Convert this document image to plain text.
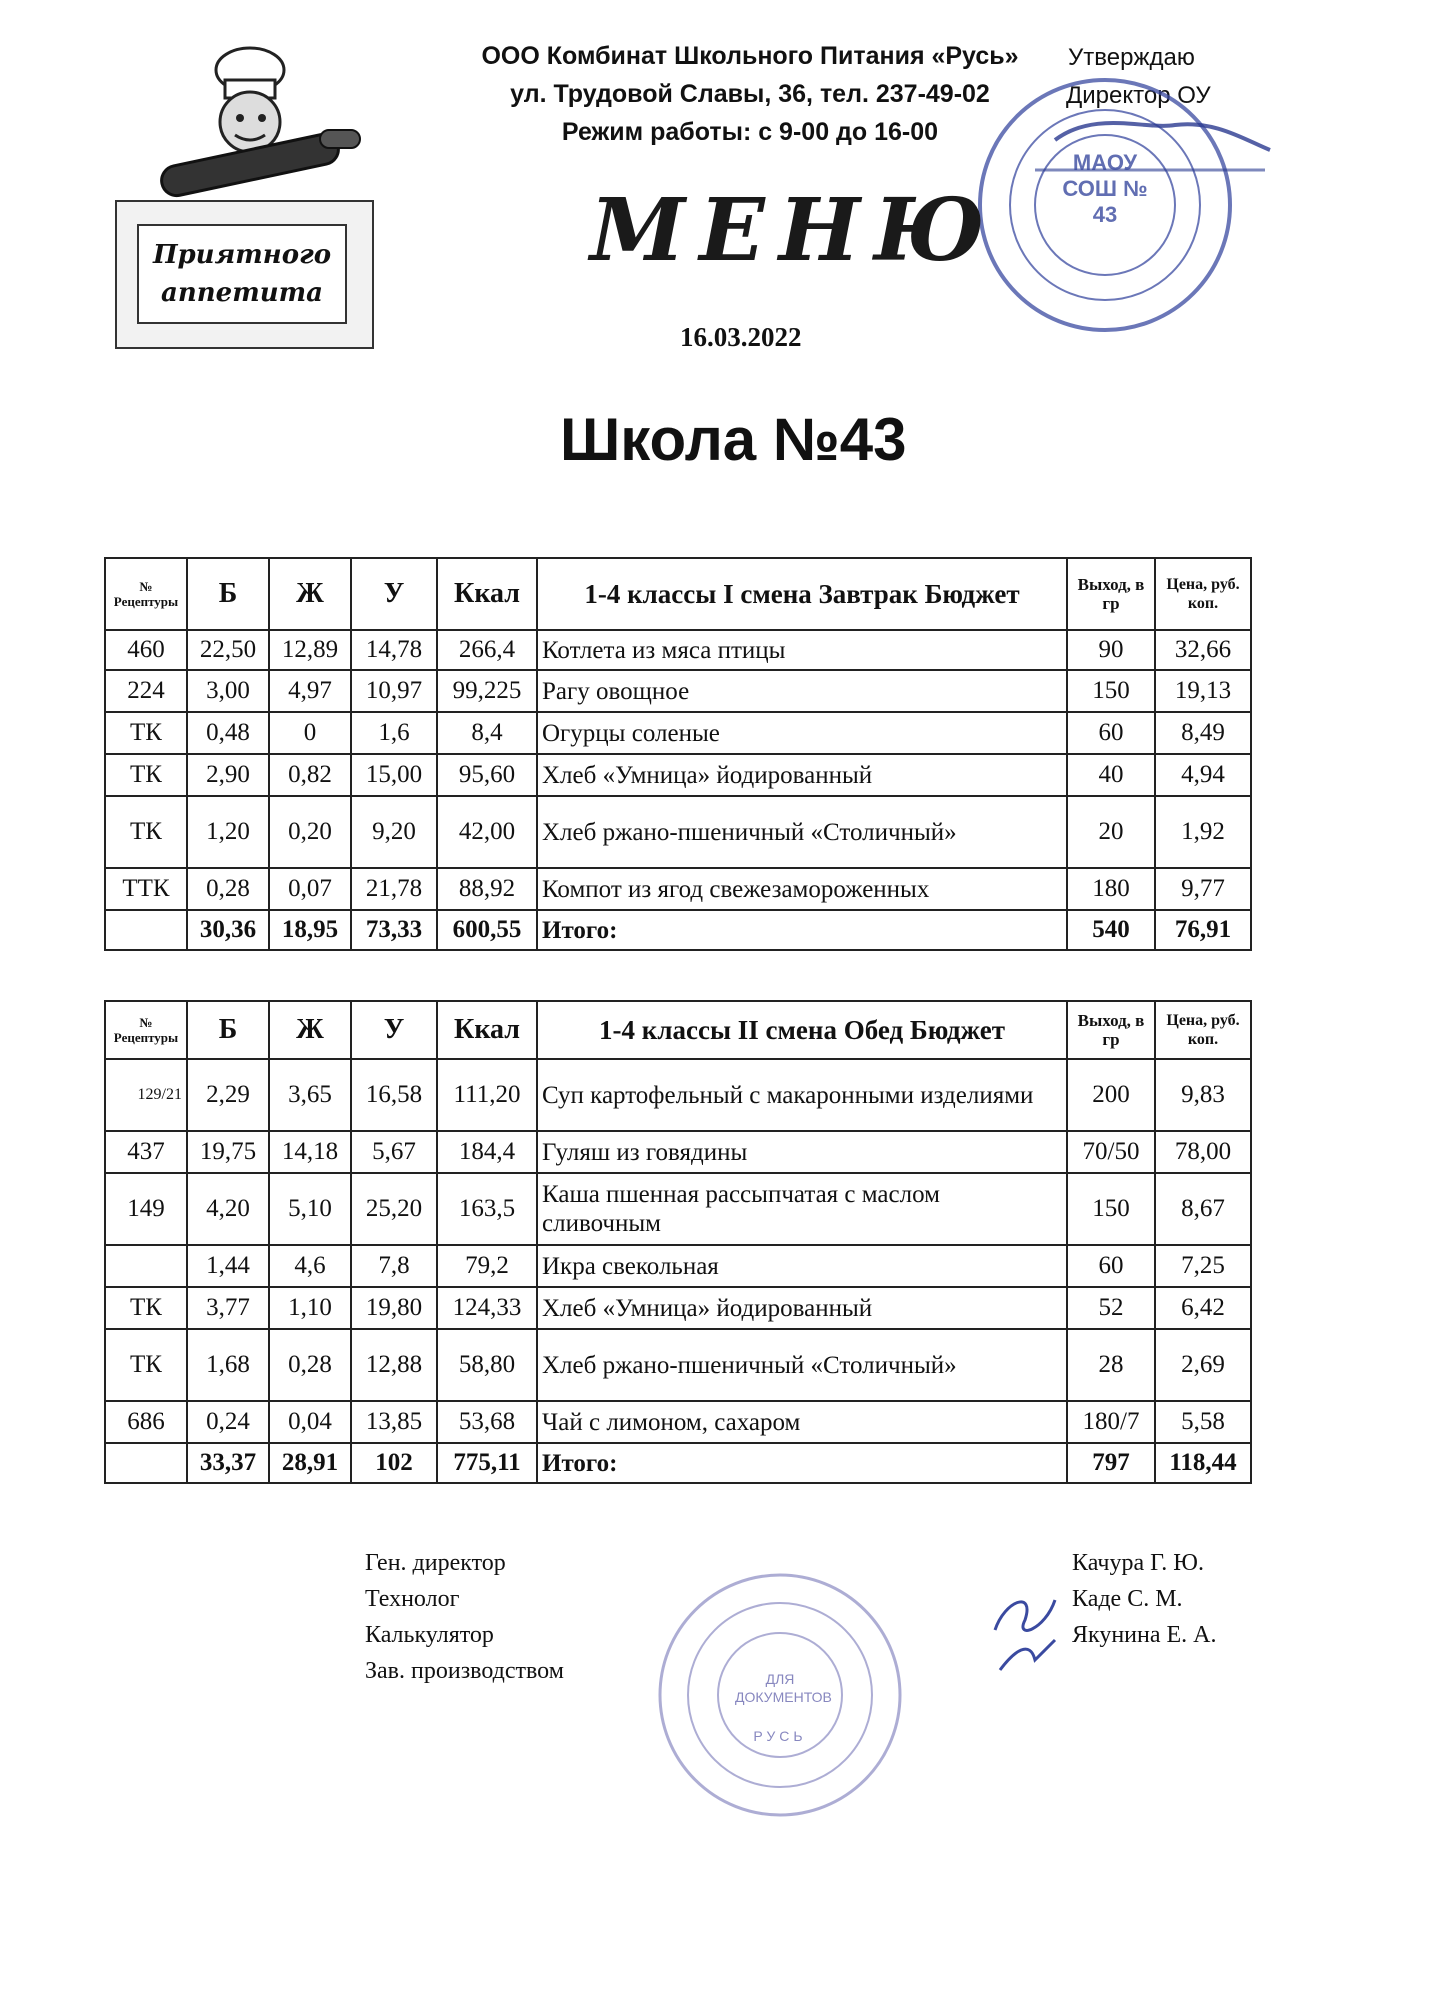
Приятного
аппетита
ООО Комбинат Школьного Питания «Русь»
ул. Трудовой Славы, 36, тел. 237-49-02
Режим работы: с 9-00 до 16-00
Утверждаю
Директор ОУ
МАОУ СОШ № 43
МЕНЮ
16.03.2022
Школа №43
№ Рецептуры	Б	Ж	У	Ккал	1-4 классы I смена Завтрак Бюджет	Выход, в гр	Цена, руб. коп.
460	22,50	12,89	14,78	266,4	Котлета из мяса птицы	90	32,66
224	3,00	4,97	10,97	99,225	Рагу овощное	150	19,13
ТК	0,48	0	1,6	8,4	Огурцы соленые	60	8,49
ТК	2,90	0,82	15,00	95,60	Хлеб «Умница» йодированный	40	4,94
ТК	1,20	0,20	9,20	42,00	Хлеб ржано-пшеничный «Столичный»	20	1,92
ТТК	0,28	0,07	21,78	88,92	Компот из ягод свежезамороженных	180	9,77
	30,36	18,95	73,33	600,55	Итого:	540	76,91
№ Рецептуры	Б	Ж	У	Ккал	1-4 классы II смена Обед Бюджет	Выход, в гр	Цена, руб. коп.
129/21	2,29	3,65	16,58	111,20	Суп картофельный с макаронными изделиями	200	9,83
437	19,75	14,18	5,67	184,4	Гуляш из говядины	70/50	78,00
149	4,20	5,10	25,20	163,5	Каша пшенная рассыпчатая с маслом сливочным	150	8,67
	1,44	4,6	7,8	79,2	Икра свекольная	60	7,25
ТК	3,77	1,10	19,80	124,33	Хлеб «Умница» йодированный	52	6,42
ТК	1,68	0,28	12,88	58,80	Хлеб ржано-пшеничный «Столичный»	28	2,69
686	0,24	0,04	13,85	53,68	Чай с лимоном, сахаром	180/7	5,58
	33,37	28,91	102	775,11	Итого:	797	118,44
Ген. директор
Технолог
Калькулятор
Зав. производством
Качура Г. Ю.
Каде С. М.
Якунина Е. А.
ДЛЯ ДОКУМЕНТОВ
РУСЬ
